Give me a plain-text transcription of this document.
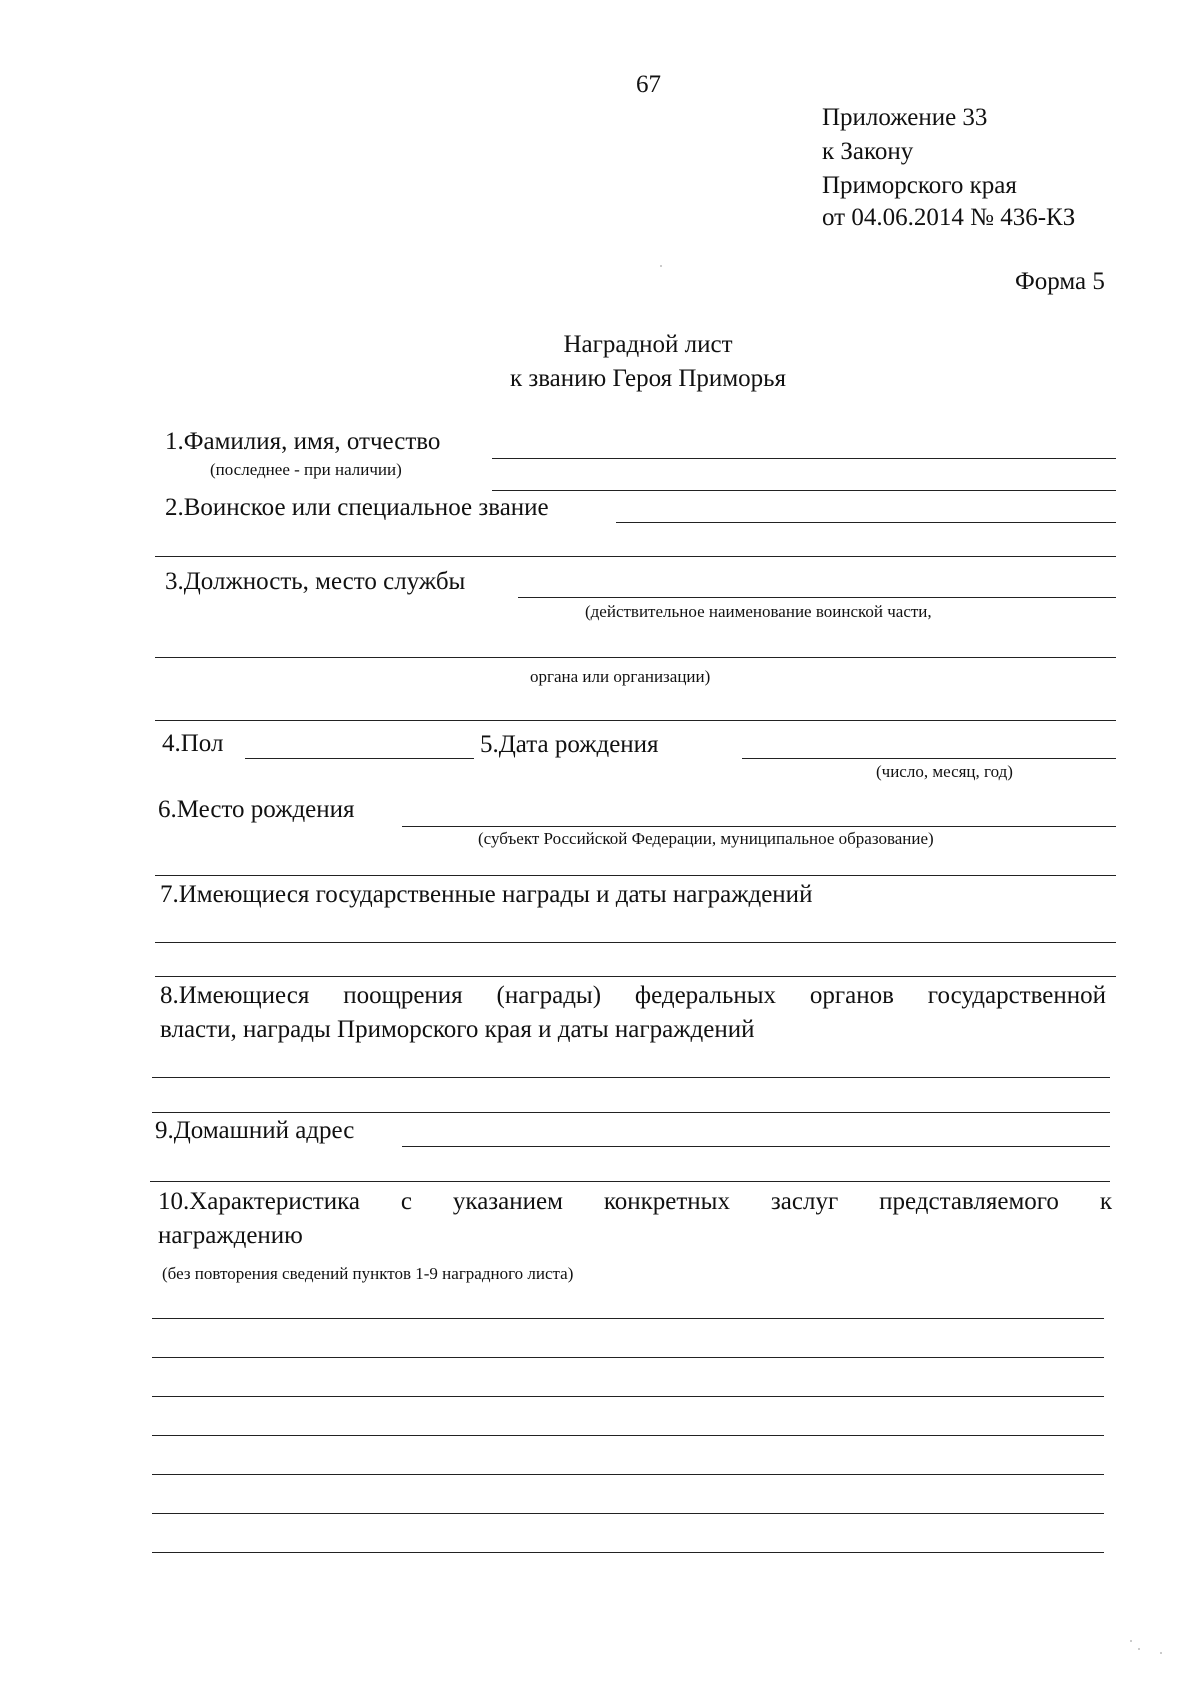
67
Приложение 33
к Закону
Приморского края
от 04.06.2014 № 436-КЗ
Форма 5
Наградной лист
к званию Героя Приморья
1.Фамилия, имя, отчество
(последнее - при наличии)
2.Воинское или специальное звание
3.Должность, место службы
(действительное наименование воинской части,
органа или организации)
4.Пол	5.Дата рождения
(число, месяц, год)
6.Место рождения
(субъект Российской Федерации, муниципальное образование)
7.Имеющиеся государственные награды и даты награждений
8.Имеющиеся поощрения (награды) федеральных органов государственной
власти, награды Приморского края и даты награждений
9.Домашний адрес
10.Характеристика с указанием конкретных заслуг представляемого к
награждению
(без повторения сведений пунктов 1-9 наградного листа)
